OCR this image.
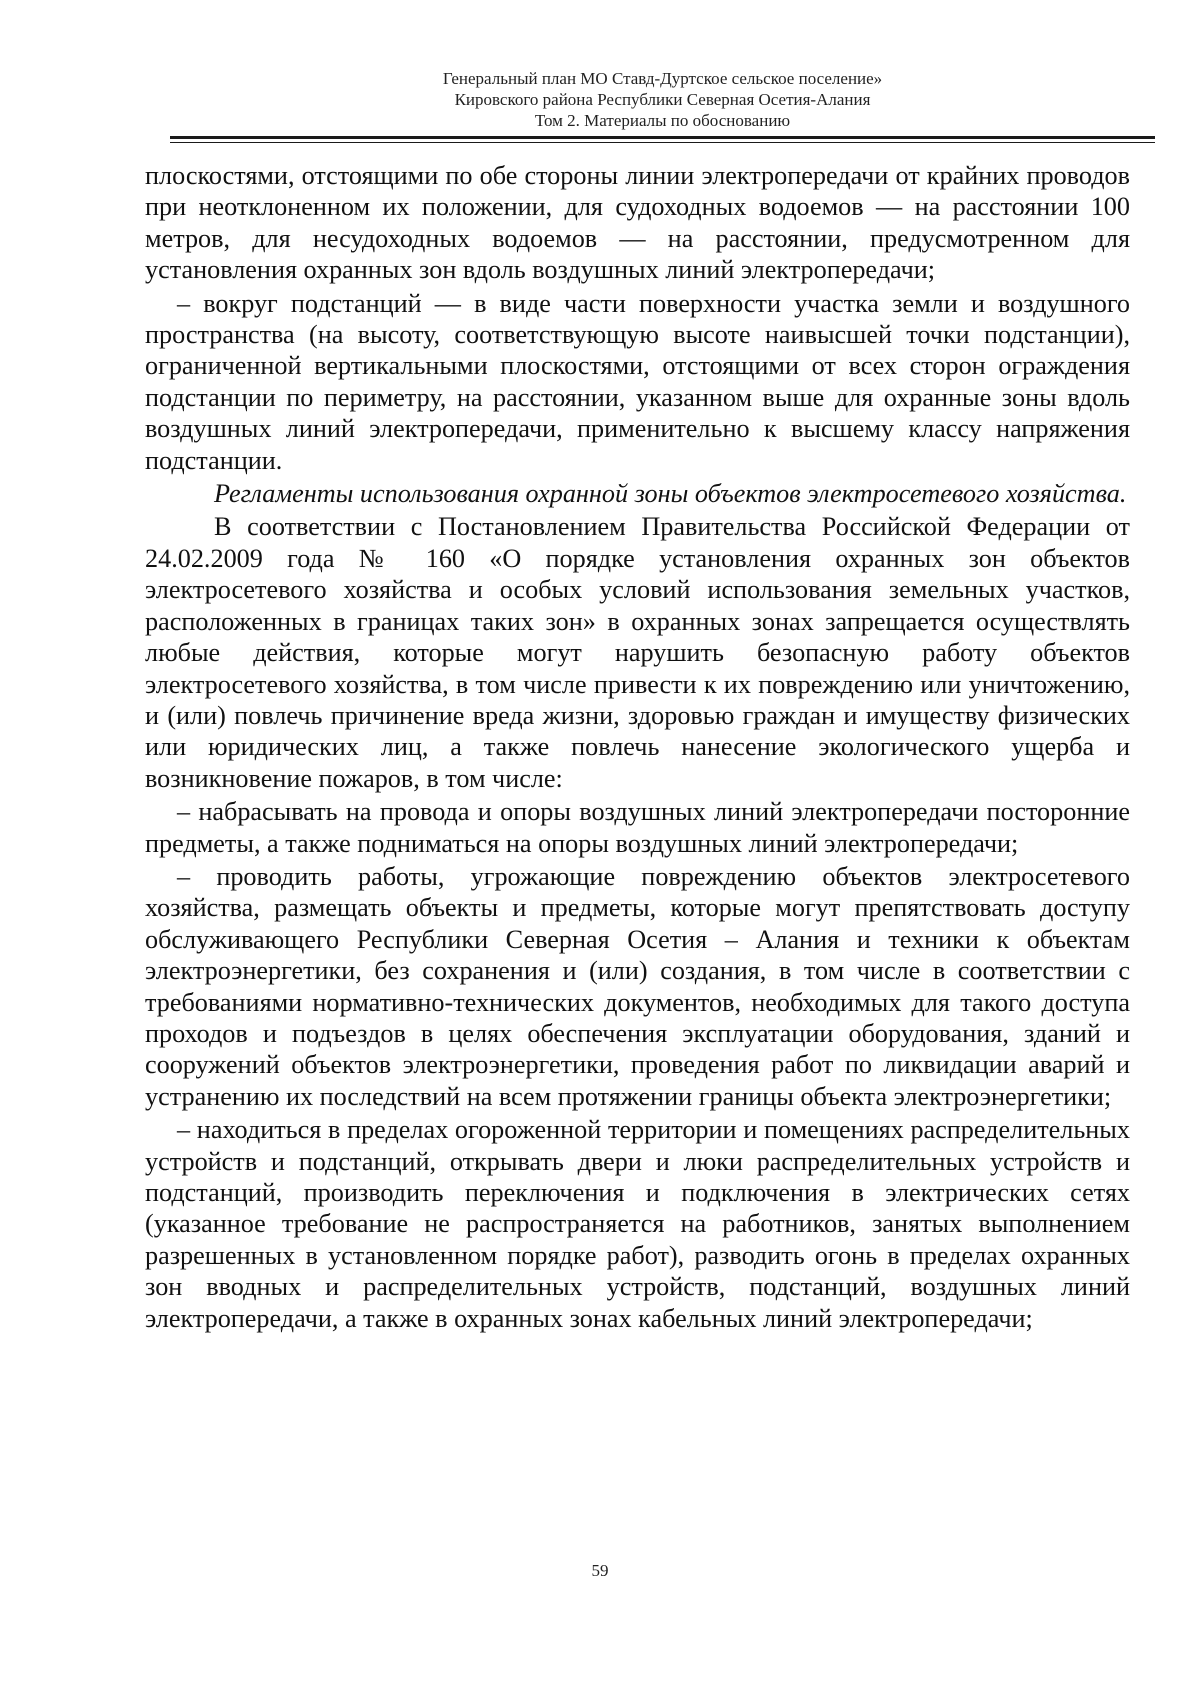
Генеральный план МО Ставд-Дуртское сельское поселение»
Кировского района Республики Северная Осетия-Алания
Том 2. Материалы по обоснованию

плоскостями, отстоящими по обе стороны линии электропередачи от крайних проводов при неотклоненном их положении, для судоходных водоемов — на расстоянии 100 метров, для несудоходных водоемов — на расстоянии, предусмотренном для установления охранных зон вдоль воздушных линий электропередачи;

– вокруг подстанций — в виде части поверхности участка земли и воздушного пространства (на высоту, соответствующую высоте наивысшей точки подстанции), ограниченной вертикальными плоскостями, отстоящими от всех сторон ограждения подстанции по периметру, на расстоянии, указанном выше для охранные зоны вдоль воздушных линий электропередачи, применительно к высшему классу напряжения подстанции.

Регламенты использования охранной зоны объектов электросетевого хозяйства.

В соответствии с Постановлением Правительства Российской Федерации от 24.02.2009 года № 160 «О порядке установления охранных зон объектов электросетевого хозяйства и особых условий использования земельных участков, расположенных в границах таких зон» в охранных зонах запрещается осуществлять любые действия, которые могут нарушить безопасную работу объектов электросетевого хозяйства, в том числе привести к их повреждению или уничтожению, и (или) повлечь причинение вреда жизни, здоровью граждан и имуществу физических или юридических лиц, а также повлечь нанесение экологического ущерба и возникновение пожаров, в том числе:

– набрасывать на провода и опоры воздушных линий электропередачи посторонние предметы, а также подниматься на опоры воздушных линий электропередачи;

– проводить работы, угрожающие повреждению объектов электросетевого хозяйства, размещать объекты и предметы, которые могут препятствовать доступу обслуживающего Республики Северная Осетия – Алания и техники к объектам электроэнергетики, без сохранения и (или) создания, в том числе в соответствии с требованиями нормативно-технических документов, необходимых для такого доступа проходов и подъездов в целях обеспечения эксплуатации оборудования, зданий и сооружений объектов электроэнергетики, проведения работ по ликвидации аварий и устранению их последствий на всем протяжении границы объекта электроэнергетики;

– находиться в пределах огороженной территории и помещениях распределительных устройств и подстанций, открывать двери и люки распределительных устройств и подстанций, производить переключения и подключения в электрических сетях (указанное требование не распространяется на работников, занятых выполнением разрешенных в установленном порядке работ), разводить огонь в пределах охранных зон вводных и распределительных устройств, подстанций, воздушных линий электропередачи, а также в охранных зонах кабельных линий электропередачи;

59
